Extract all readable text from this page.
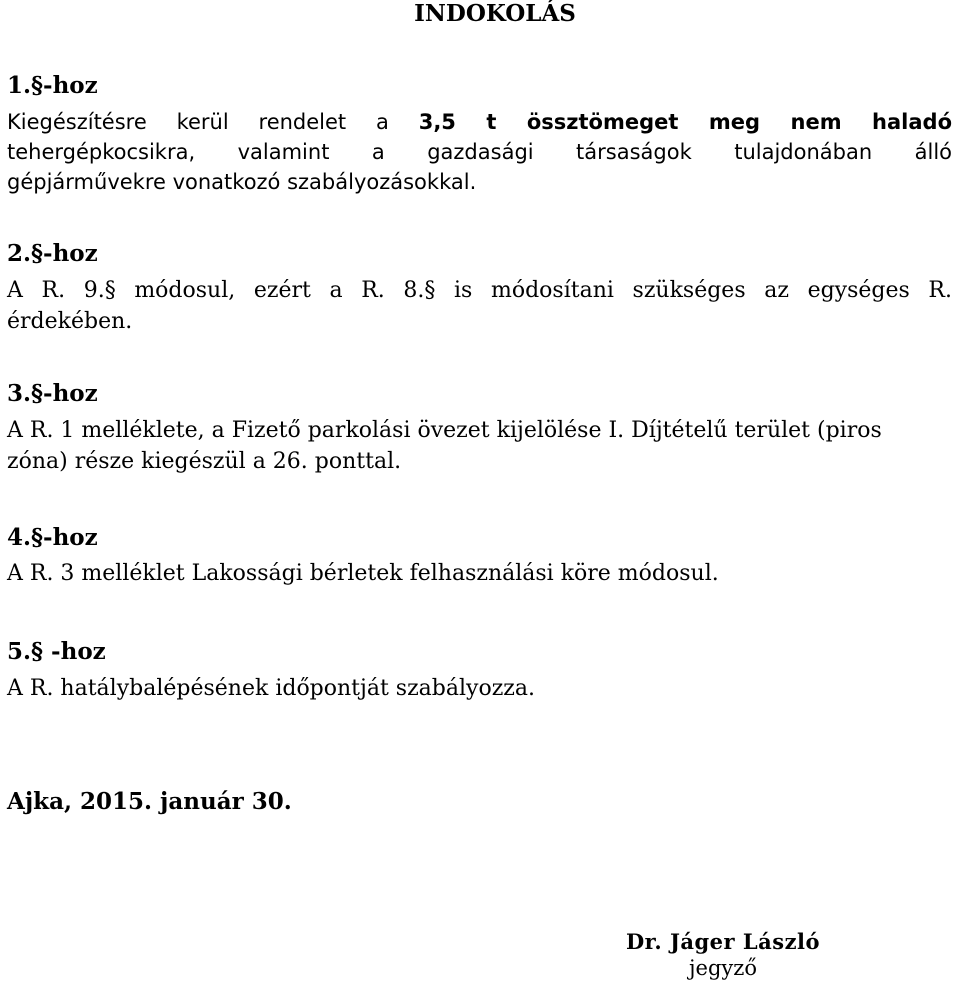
INDOKOLÁS
1.§-hoz
Kiegészítésre kerül rendelet a 3,5 t össztömeget meg nem haladó
tehergépkocsikra, valamint a gazdasági társaságok tulajdonában álló
gépjárművekre vonatkozó szabályozásokkal.
2.§-hoz
A R. 9.§ módosul, ezért a R. 8.§ is módosítani szükséges az egységes R.
érdekében.
3.§-hoz
A R. 1 melléklete, a Fizető parkolási övezet kijelölése I. Díjtételű terület (piros
zóna) része kiegészül a 26. ponttal.
4.§-hoz
A R. 3 melléklet Lakossági bérletek felhasználási köre módosul.
5.§ -hoz
A R. hatálybalépésének időpontját szabályozza.
Ajka, 2015. január 30.
Dr. Jáger László
jegyző
